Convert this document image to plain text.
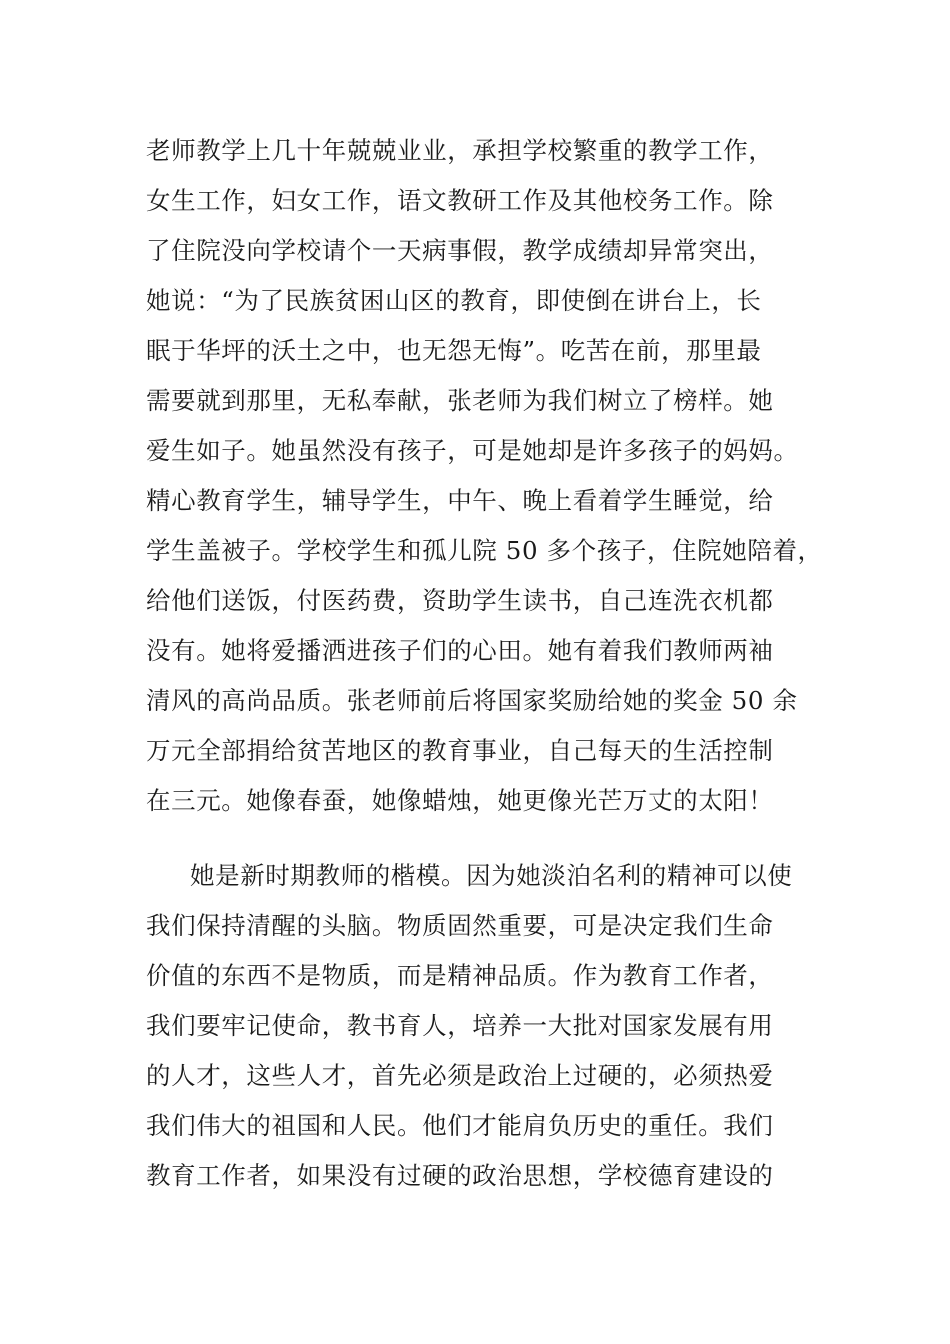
老师教学上几十年兢兢业业，承担学校繁重的教学工作，
女生工作，妇女工作，语文教研工作及其他校务工作。除
了住院没向学校请个一天病事假，教学成绩却异常突出，
她说：“为了民族贫困山区的教育，即使倒在讲台上，长
眠于华坪的沃土之中，也无怨无悔”。吃苦在前，那里最
需要就到那里，无私奉献，张老师为我们树立了榜样。她
爱生如子。她虽然没有孩子，可是她却是许多孩子的妈妈。
精心教育学生，辅导学生，中午、晚上看着学生睡觉，给
学生盖被子。学校学生和孤儿院 50 多个孩子，住院她陪着，
给他们送饭，付医药费，资助学生读书，自己连洗衣机都
没有。她将爱播洒进孩子们的心田。她有着我们教师两袖
清风的高尚品质。张老师前后将国家奖励给她的奖金 50 余
万元全部捐给贫苦地区的教育事业，自己每天的生活控制
在三元。她像春蚕，她像蜡烛，她更像光芒万丈的太阳！
她是新时期教师的楷模。因为她淡泊名利的精神可以使
我们保持清醒的头脑。物质固然重要，可是决定我们生命
价值的东西不是物质，而是精神品质。作为教育工作者，
我们要牢记使命，教书育人，培养一大批对国家发展有用
的人才，这些人才，首先必须是政治上过硬的，必须热爱
我们伟大的祖国和人民。他们才能肩负历史的重任。我们
教育工作者，如果没有过硬的政治思想，学校德育建设的
